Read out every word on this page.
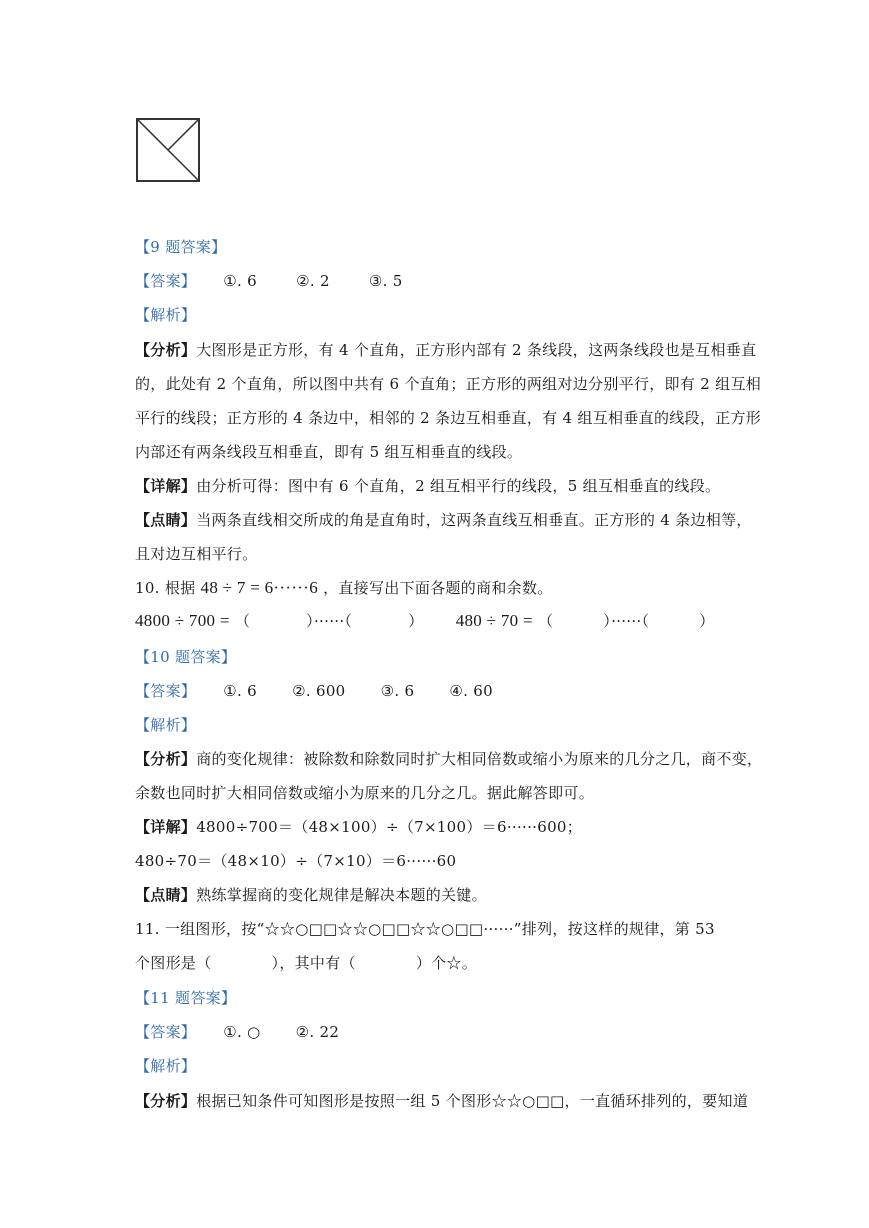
【9 题答案】
【答案】 ①. 6	②. 2	③. 5
【解析】
【分析】大图形是正方形，有 4 个直角，正方形内部有 2 条线段，这两条线段也是互相垂直
的，此处有 2 个直角，所以图中共有 6 个直角；正方形的两组对边分别平行，即有 2 组互相
平行的线段；正方形的 4 条边中，相邻的 2 条边互相垂直，有 4 组互相垂直的线段，正方形
内部还有两条线段互相垂直，即有 5 组互相垂直的线段。
【详解】由分析可得：图中有 6 个直角，2 组互相平行的线段，5 组互相垂直的线段。
【点睛】当两条直线相交所成的角是直角时，这两条直线互相垂直。正方形的 4 条边相等，
且对边互相平行。
10. 根据 48 ÷ 7 = 6······6 ，直接写出下面各题的商和余数。
4800 ÷ 700 = （	）······（	） 480 ÷ 70 = （	）······（	）
【10 题答案】
【答案】 ①. 6 ②. 600 ③. 6 ④. 60
【解析】
【分析】商的变化规律：被除数和除数同时扩大相同倍数或缩小为原来的几分之几，商不变，
余数也同时扩大相同倍数或缩小为原来的几分之几。据此解答即可。
【详解】4800÷700＝（48×100）÷（7×100）＝6······600；
480÷70＝（48×10）÷（7×10）＝6······60
【点睛】熟练掌握商的变化规律是解决本题的关键。
11. 一组图形，按“☆☆○□□☆☆○□□☆☆○□□······”排列，按这样的规律，第 53
个图形是（	），其中有（	）个☆。
【11 题答案】
【答案】 ①. ○ ②. 22
【解析】
【分析】根据已知条件可知图形是按照一组 5 个图形☆☆○□□，一直循环排列的，要知道
